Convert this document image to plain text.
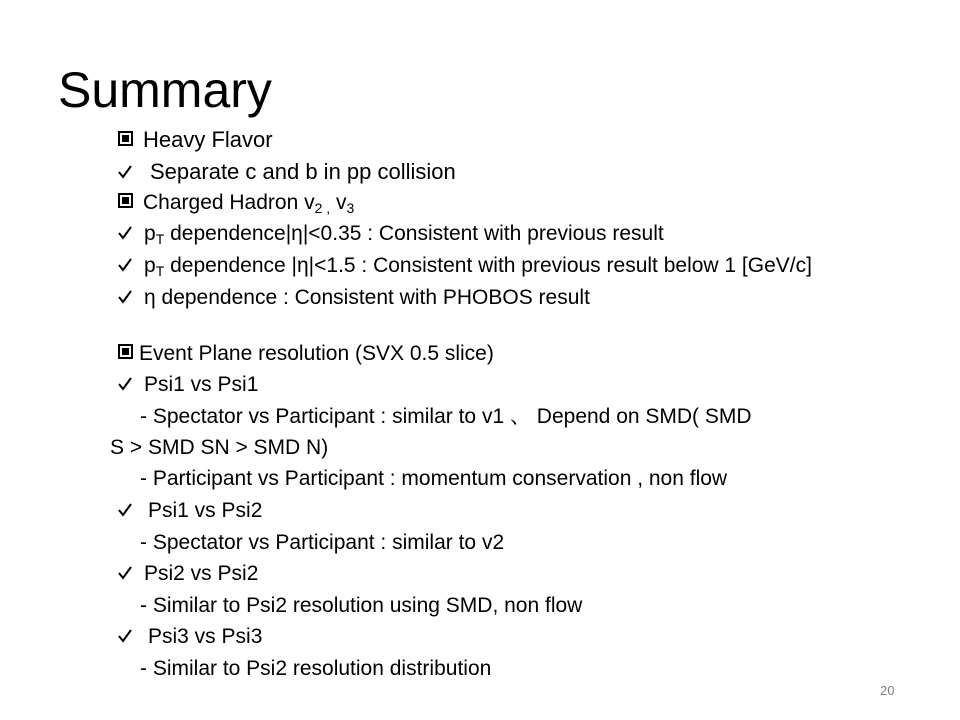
Summary
Heavy Flavor
Separate c and b in pp collision
Charged Hadron $v_{2 ,}$ $v_3$
$p_T$ dependence|η|<0.35 : Consistent with previous result
$p_T$ dependence |η|<1.5 : Consistent with previous result below 1 [GeV/c]
η dependence : Consistent with PHOBOS result
Event Plane resolution (SVX 0.5 slice)
Psi1 vs Psi1
- Spectator vs Participant : similar to v1 、 Depend on SMD( SMD
S > SMD SN > SMD N)
- Participant vs Participant : momentum conservation , non flow
Psi1 vs Psi2
- Spectator vs Participant : similar to v2
Psi2 vs Psi2
- Similar to Psi2 resolution using SMD, non flow
Psi3 vs Psi3
- Similar to Psi2 resolution distribution
20
